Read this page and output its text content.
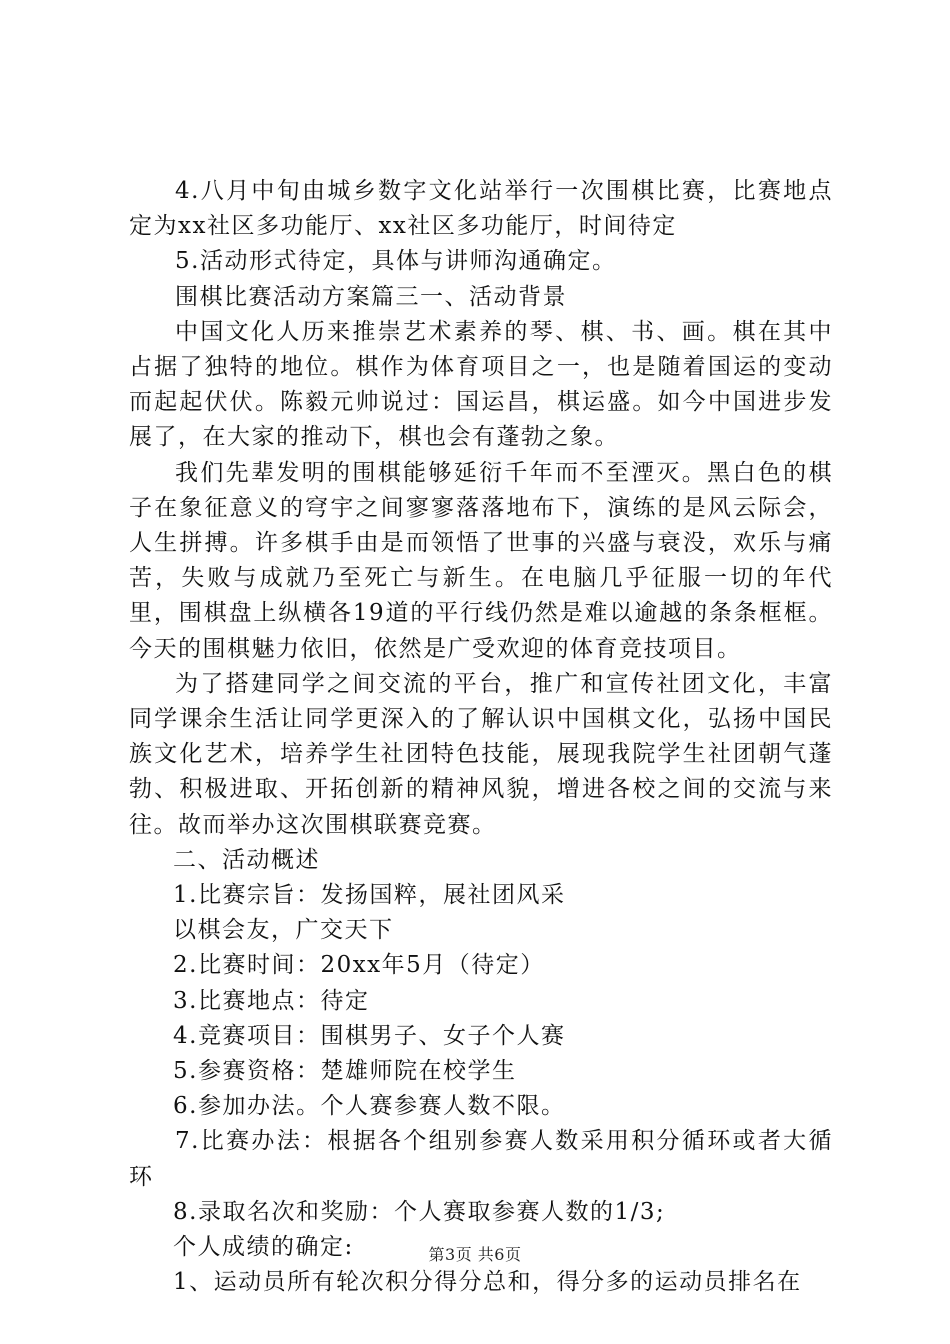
4.八月中旬由城乡数字文化站举行一次围棋比赛，比赛地点定为xx社区多功能厅、xx社区多功能厅，时间待定

5.活动形式待定，具体与讲师沟通确定。

围棋比赛活动方案篇三一、活动背景

中国文化人历来推崇艺术素养的琴、棋、书、画。棋在其中占据了独特的地位。棋作为体育项目之一，也是随着国运的变动而起起伏伏。陈毅元帅说过：国运昌，棋运盛。如今中国进步发展了，在大家的推动下，棋也会有蓬勃之象。

我们先辈发明的围棋能够延衍千年而不至湮灭。黑白色的棋子在象征意义的穹宇之间寥寥落落地布下，演练的是风云际会，人生拼搏。许多棋手由是而领悟了世事的兴盛与衰没，欢乐与痛苦，失败与成就乃至死亡与新生。在电脑几乎征服一切的年代里，围棋盘上纵横各19道的平行线仍然是难以逾越的条条框框。今天的围棋魅力依旧，依然是广受欢迎的体育竞技项目。

为了搭建同学之间交流的平台，推广和宣传社团文化，丰富同学课余生活让同学更深入的了解认识中国棋文化，弘扬中国民族文化艺术，培养学生社团特色技能，展现我院学生社团朝气蓬勃、积极进取、开拓创新的精神风貌，增进各校之间的交流与来往。故而举办这次围棋联赛竞赛。

二、活动概述

1.比赛宗旨：发扬国粹，展社团风采

以棋会友，广交天下

2.比赛时间：20xx年5月（待定）

3.比赛地点：待定

4.竞赛项目：围棋男子、女子个人赛

5.参赛资格：楚雄师院在校学生

6.参加办法。个人赛参赛人数不限。

7.比赛办法：根据各个组别参赛人数采用积分循环或者大循环

8.录取名次和奖励：个人赛取参赛人数的1/3;

个人成绩的确定:

1、运动员所有轮次积分得分总和，得分多的运动员排名在

第3页 共6页
